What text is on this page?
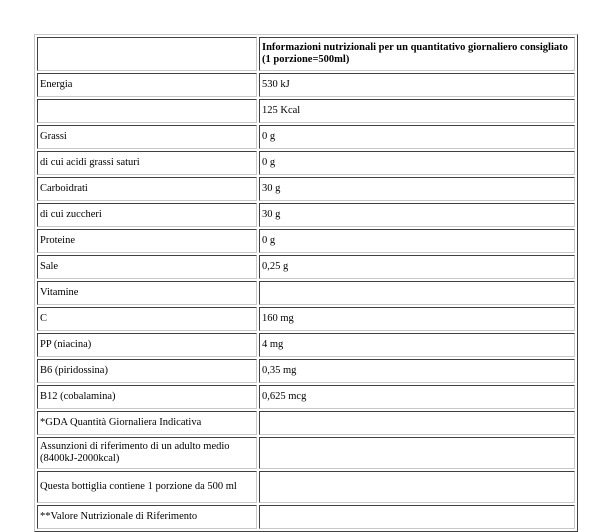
	Informazioni nutrizionali per un quantitativo giornaliero consigliato (1 porzione=500ml)
Energia	530 kJ
	125 Kcal
Grassi	0 g
di cui acidi grassi saturi	0 g
Carboidrati	30 g
di cui zuccheri	30 g
Proteine	0 g
Sale	0,25 g
Vitamine	
C	160 mg
PP (niacina)	4 mg
B6 (piridossina)	0,35 mg
B12 (cobalamina)	0,625 mcg
*GDA Quantità Giornaliera Indicativa	
Assunzioni di riferimento di un adulto medio (8400kJ-2000kcal)	
Questa bottiglia contiene 1 porzione da 500 ml	
**Valore Nutrizionale di Riferimento	
